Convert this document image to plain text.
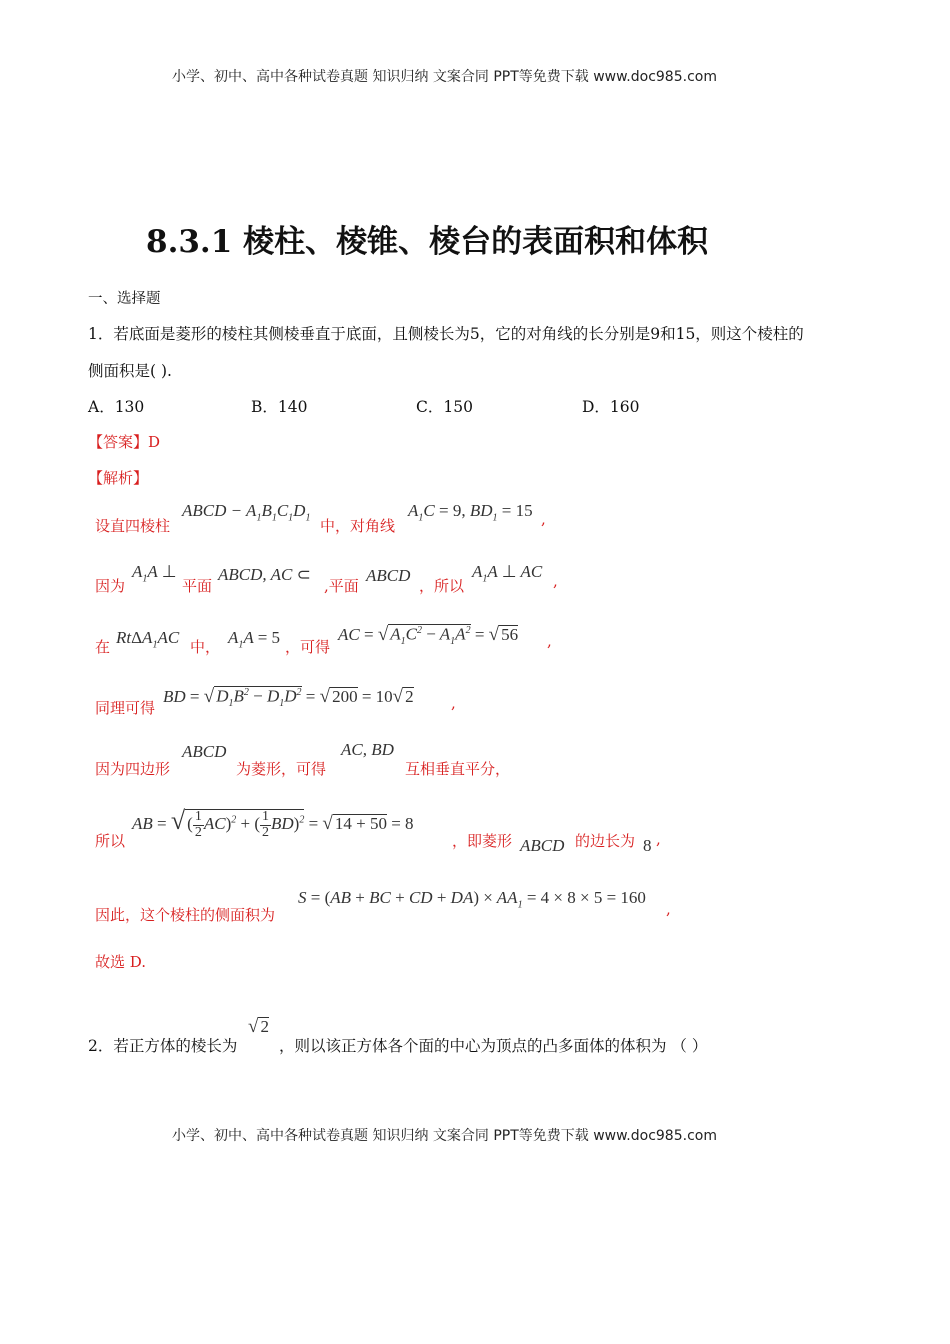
小学、初中、高中各种试卷真题 知识归纳 文案合同 PPT等免费下载 www.doc985.com
8.3.1 棱柱、棱锥、棱台的表面积和体积
一、选择题
1．若底面是菱形的棱柱其侧棱垂直于底面，且侧棱长为5，它的对角线的长分别是9和15，则这个棱柱的
侧面积是( ).
A．130	B．140	C．150	D．160
【答案】D
【解析】
设直四棱柱
ABCD − $A_1B_1C_1D_1$ 中，对角线
$A_1C = 9$, $BD_1 = 15$ ,
因为
$A_1A$ ⊥
平面
ABCD, AC ⊂
,平面
ABCD
，所以
$A_1A$ ⊥ AC ,
在 RtΔA$_1$AC 中， $A_1A = 5$ ，可得
AC = √ $A_1C^2 - A_1A^2$ = √ 56 ,
同理可得
BD = √ $D_1B^2 - D_1D^2$ = √ 200 = 10√ 2 ,
因为四边形
ABCD
为菱形，可得
AC, BD
互相垂直平分，
所以
AB = √ ( $\frac{1}{2} AC)^2$ + ( $\frac{1}{2} BD)^2$ = √ 14 + 50 = 8
，即菱形 ABCD 的边长为 8 ,
因此，这个棱柱的侧面积为
S = (AB + BC + CD + $DA) \times AA_1 = 4 \times 8 \times 5 = 160$
,
故选 D.
2．若正方体的棱长为
√ 2
，则以该正方体各个面的中心为顶点的凸多面体的体积为 （ ）
小学、初中、高中各种试卷真题 知识归纳 文案合同 PPT等免费下载 www.doc985.com
